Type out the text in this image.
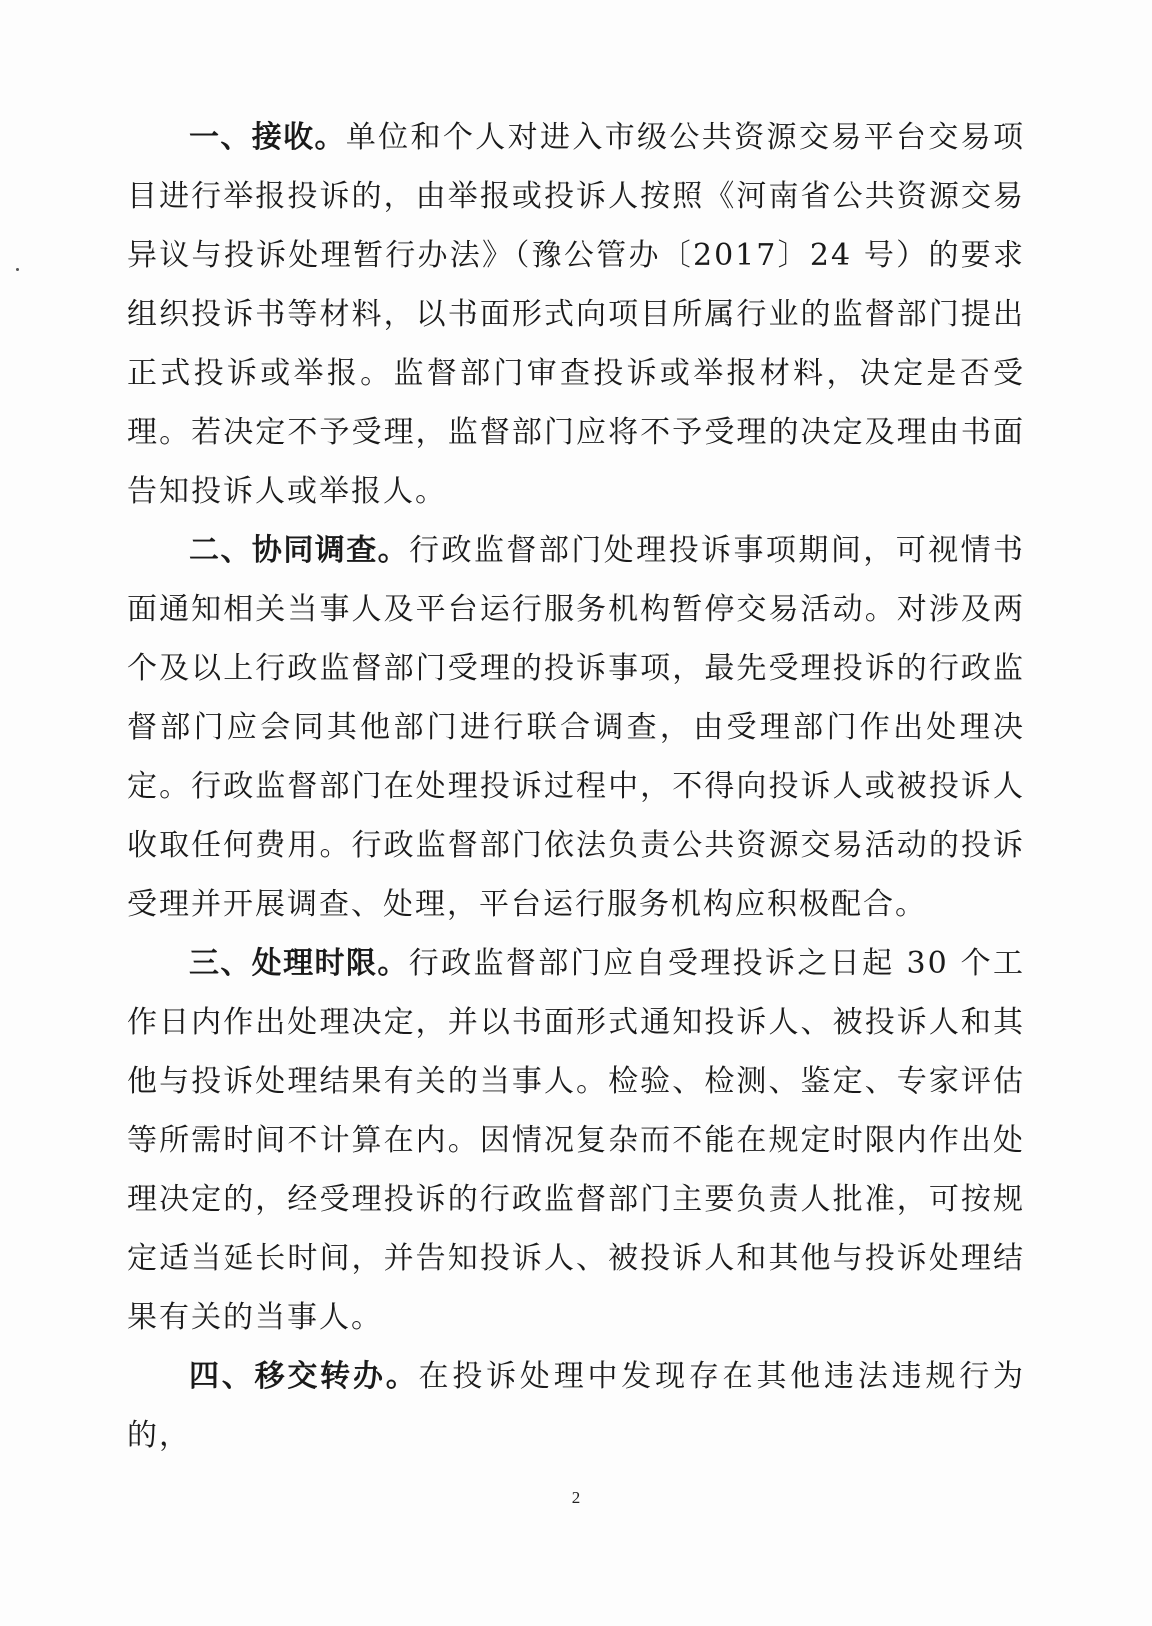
一、接收。单位和个人对进入市级公共资源交易平台交易项目进行举报投诉的，由举报或投诉人按照《河南省公共资源交易异议与投诉处理暂行办法》（豫公管办〔2017〕24 号）的要求组织投诉书等材料，以书面形式向项目所属行业的监督部门提出正式投诉或举报。监督部门审查投诉或举报材料，决定是否受理。若决定不予受理，监督部门应将不予受理的决定及理由书面告知投诉人或举报人。

二、协同调查。行政监督部门处理投诉事项期间，可视情书面通知相关当事人及平台运行服务机构暂停交易活动。对涉及两个及以上行政监督部门受理的投诉事项，最先受理投诉的行政监督部门应会同其他部门进行联合调查，由受理部门作出处理决定。行政监督部门在处理投诉过程中，不得向投诉人或被投诉人收取任何费用。行政监督部门依法负责公共资源交易活动的投诉受理并开展调查、处理，平台运行服务机构应积极配合。

三、处理时限。行政监督部门应自受理投诉之日起 30 个工作日内作出处理决定，并以书面形式通知投诉人、被投诉人和其他与投诉处理结果有关的当事人。检验、检测、鉴定、专家评估等所需时间不计算在内。因情况复杂而不能在规定时限内作出处理决定的，经受理投诉的行政监督部门主要负责人批准，可按规定适当延长时间，并告知投诉人、被投诉人和其他与投诉处理结果有关的当事人。

四、移交转办。在投诉处理中发现存在其他违法违规行为的，

2
